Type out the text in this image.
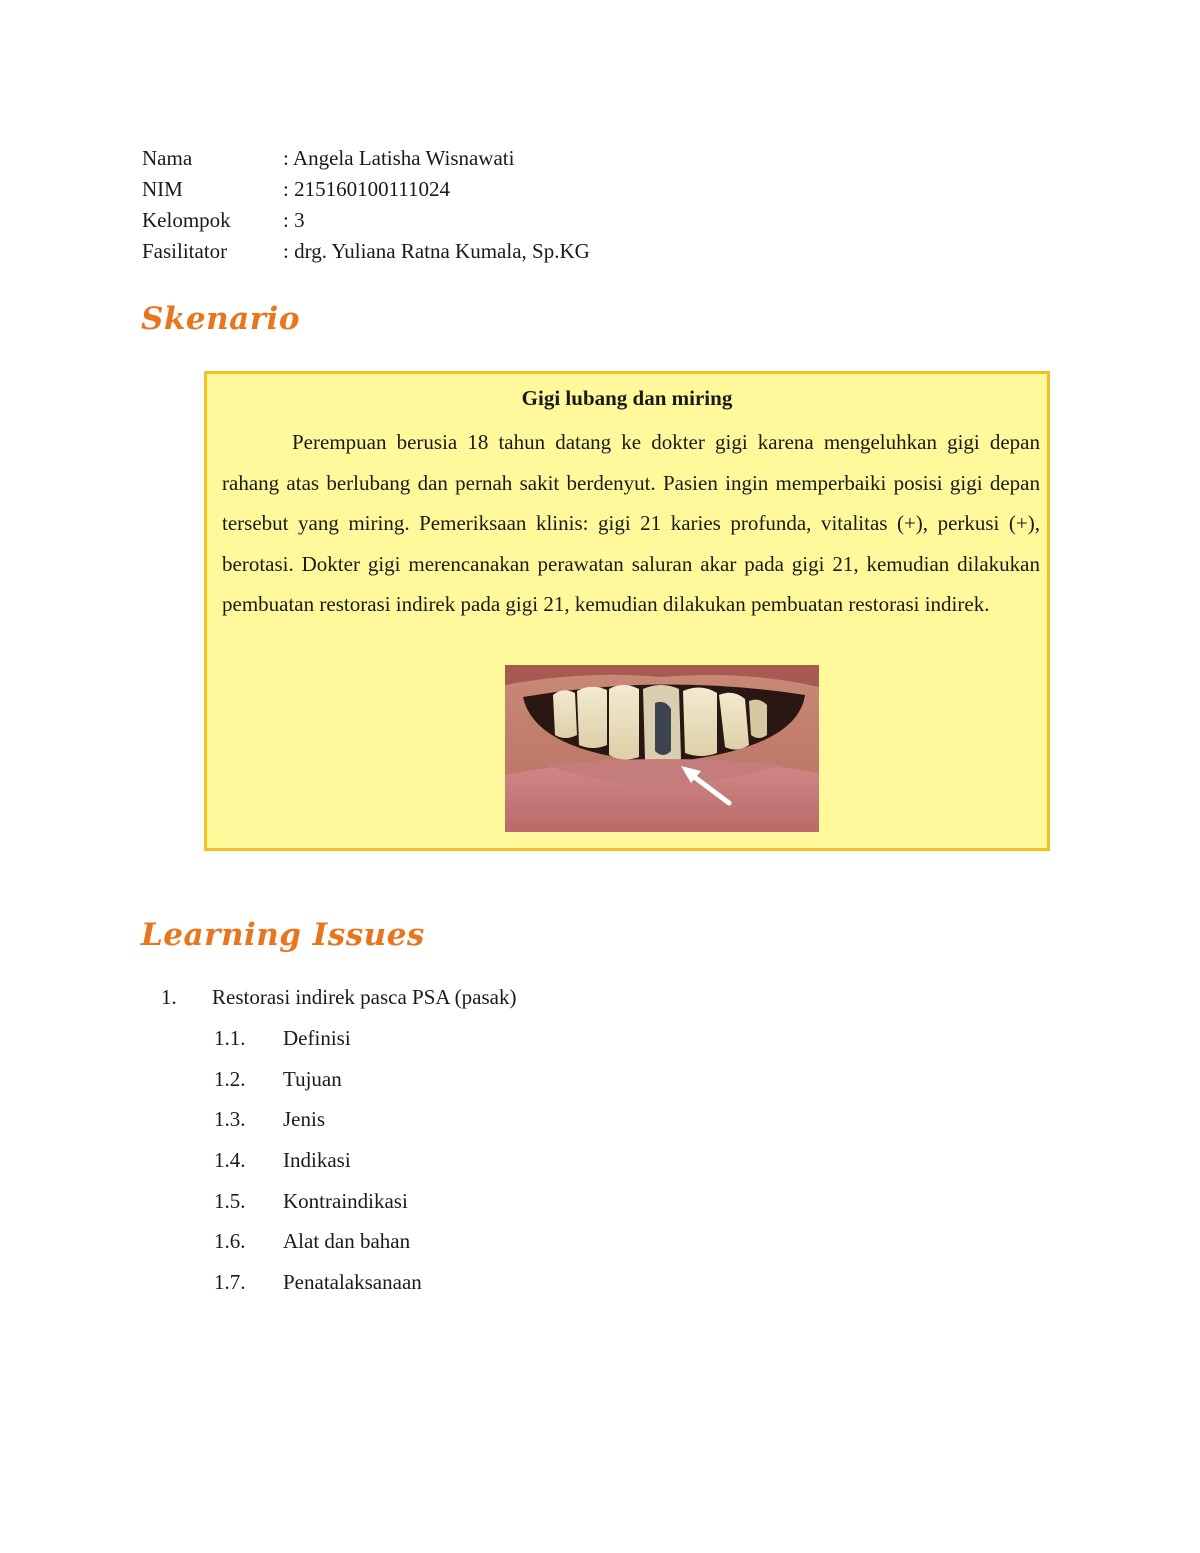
Nama	: Angela Latisha Wisnawati
NIM	: 215160100111024
Kelompok	: 3
Fasilitator	: drg. Yuliana Ratna Kumala, Sp.KG
Skenario

Gigi lubang dan miring

Perempuan berusia 18 tahun datang ke dokter gigi karena mengeluhkan gigi depan rahang atas berlubang dan pernah sakit berdenyut. Pasien ingin memperbaiki posisi gigi depan tersebut yang miring. Pemeriksaan klinis: gigi 21 karies profunda, vitalitas (+), perkusi (+), berotasi. Dokter gigi merencanakan perawatan saluran akar pada gigi 21, kemudian dilakukan pembuatan restorasi indirek pada gigi 21, kemudian dilakukan pembuatan restorasi indirek.

Learning Issues
1. Restorasi indirek pasca PSA (pasak)
1.1. Definisi
1.2. Tujuan
1.3. Jenis
1.4. Indikasi
1.5. Kontraindikasi
1.6. Alat dan bahan
1.7. Penatalaksanaan
